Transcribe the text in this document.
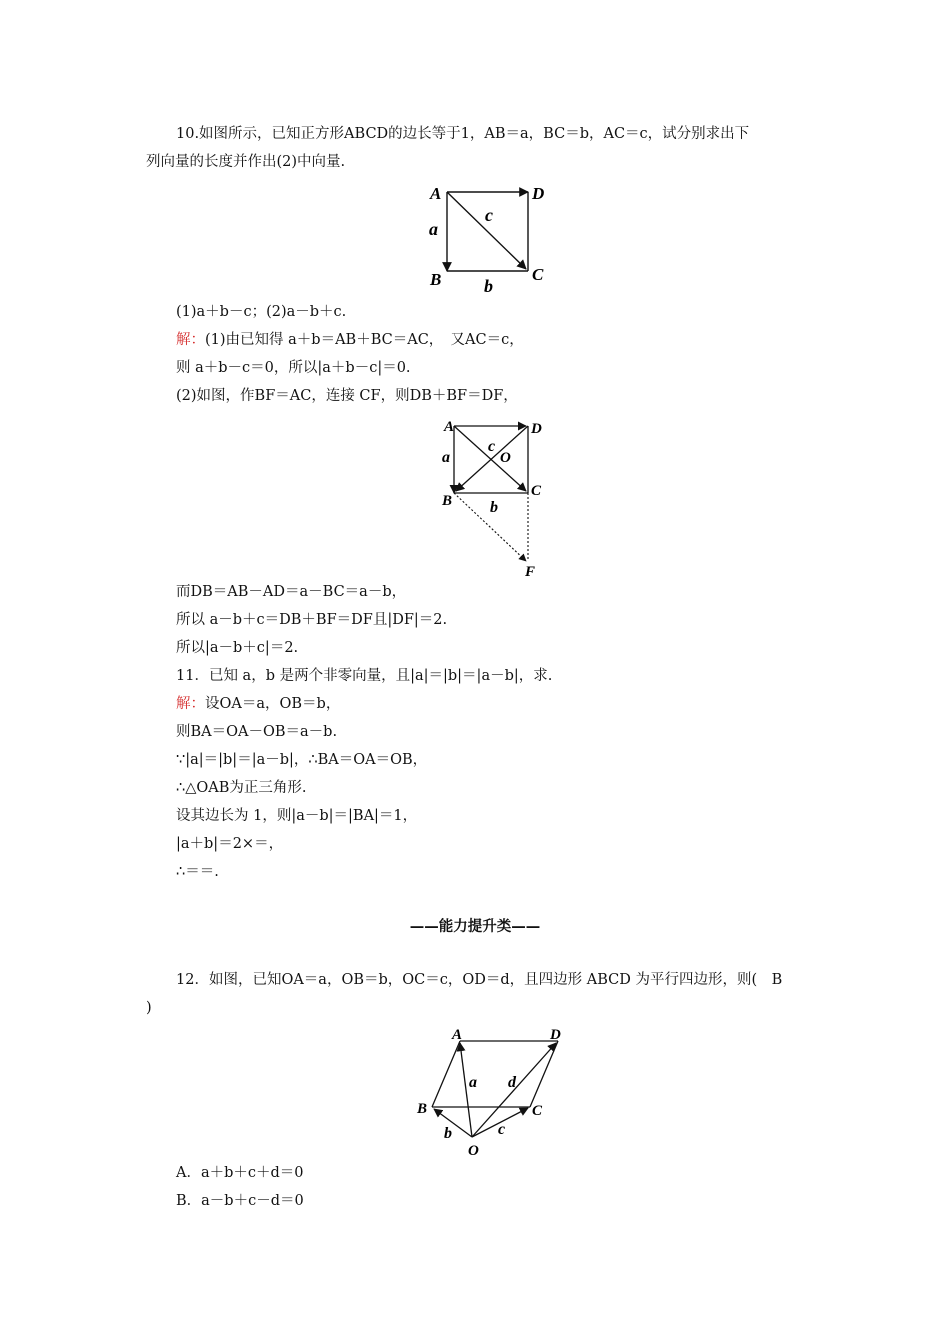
10.如图所示，已知正方形ABCD的边长等于1，AB＝a，BC＝b，AC＝c，试分别求出下
列向量的长度并作出(2)中向量.
A	D
B	C
a
b
c
(1)a＋b－c；(2)a－b＋c.
解：(1)由已知得 a＋b＝AB＋BC＝AC，　又AC＝c，
则 a＋b－c＝0，所以|a＋b－c|＝0.
(2)如图，作BF＝AC，连接 CF，则DB＋BF＝DF，
A	D
B
C
O
F
a
b
c
而DB＝AB－AD＝a－BC＝a－b，
所以 a－b＋c＝DB＋BF＝DF且|DF|＝2.
所以|a－b＋c|＝2.
11．已知 a，b 是两个非零向量，且|a|＝|b|＝|a－b|，求.
解：设OA＝a，OB＝b，
则BA＝OA－OB＝a－b.
∵|a|＝|b|＝|a－b|，∴BA＝OA＝OB，
∴△OAB为正三角形.
设其边长为 1，则|a－b|＝|BA|＝1，
|a＋b|＝2×＝，
∴＝＝.
——能力提升类——
12．如图，已知OA＝a，OB＝b，OC＝c，OD＝d，且四边形 ABCD 为平行四边形，则(　B
)
A	D
B	C
O
a
b	c
d
A．a＋b＋c＋d＝0
B．a－b＋c－d＝0
